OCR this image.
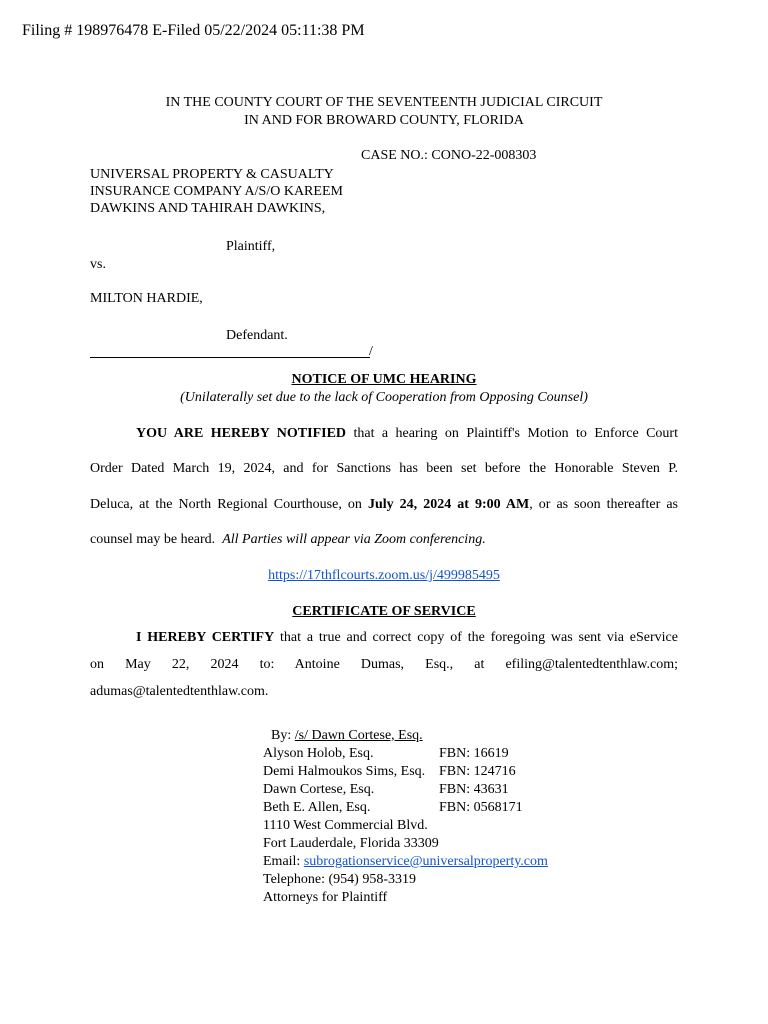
Filing # 198976478 E-Filed 05/22/2024 05:11:38 PM
IN THE COUNTY COURT OF THE SEVENTEENTH JUDICIAL CIRCUIT
IN AND FOR BROWARD COUNTY, FLORIDA
CASE NO.: CONO-22-008303
UNIVERSAL PROPERTY & CASUALTY
INSURANCE COMPANY A/S/O KAREEM
DAWKINS AND TAHIRAH DAWKINS,
Plaintiff,
vs.
MILTON HARDIE,
Defendant.
/
NOTICE OF UMC HEARING
(Unilaterally set due to the lack of Cooperation from Opposing Counsel)
YOU ARE HEREBY NOTIFIED that a hearing on Plaintiff's Motion to Enforce Court
Order Dated March 19, 2024, and for Sanctions has been set before the Honorable Steven P.
Deluca, at the North Regional Courthouse, on July 24, 2024 at 9:00 AM, or as soon thereafter as
counsel may be heard.  All Parties will appear via Zoom conferencing.
https://17thflcourts.zoom.us/j/499985495
CERTIFICATE OF SERVICE
I HEREBY CERTIFY that a true and correct copy of the foregoing was sent via eService
on May 22, 2024 to: Antoine Dumas, Esq., at efiling@talentedtenthlaw.com;
adumas@talentedtenthlaw.com.
By: /s/ Dawn Cortese, Esq.
Alyson Holob, Esq.	FBN: 16619
Demi Halmoukos Sims, Esq. FBN: 124716
Dawn Cortese, Esq.	FBN: 43631
Beth E. Allen, Esq.	FBN: 0568171
1110 West Commercial Blvd.
Fort Lauderdale, Florida 33309
Email: subrogationservice@universalproperty.com
Telephone: (954) 958-3319
Attorneys for Plaintiff
